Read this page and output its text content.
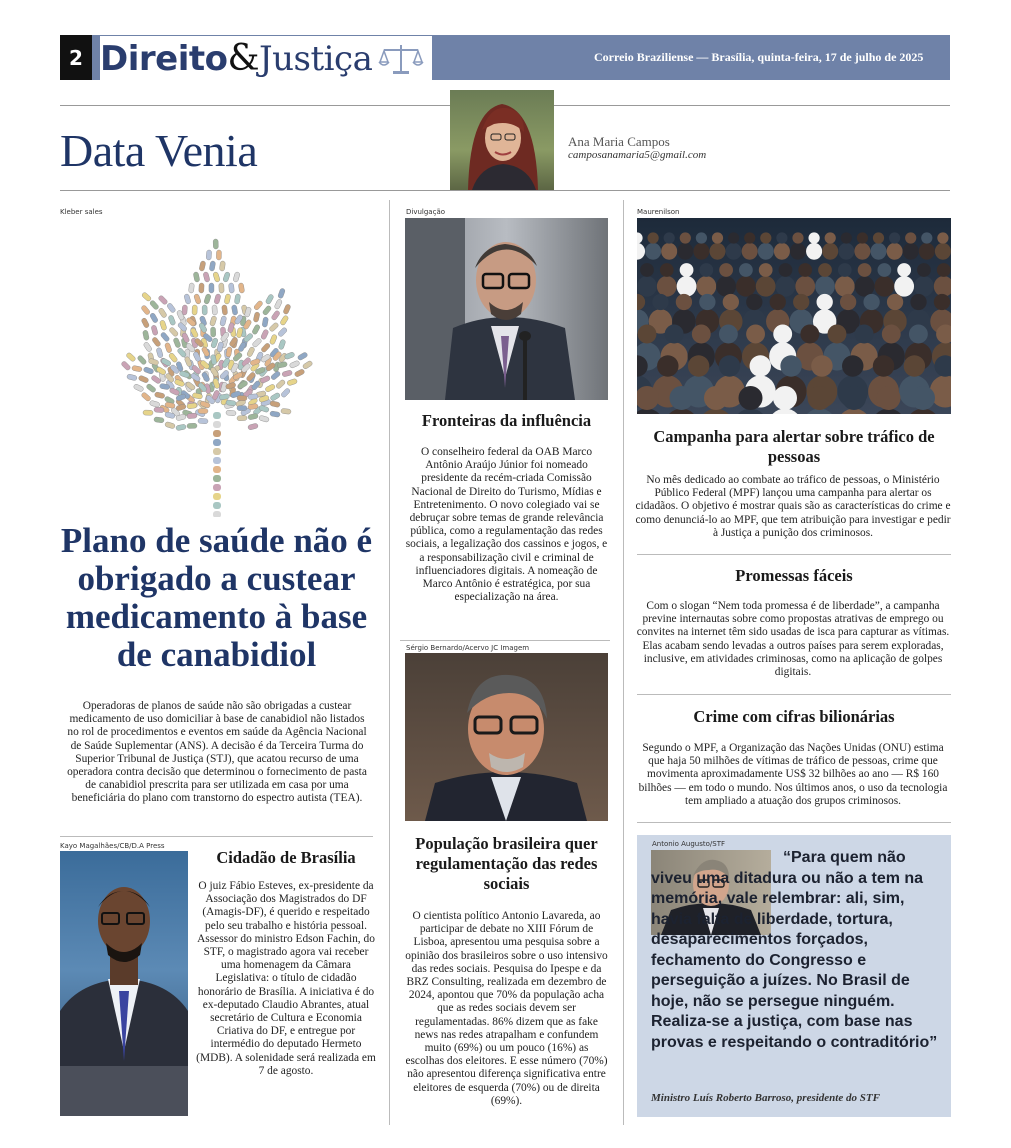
2 Direito & Justiça	Correio Braziliense — Brasília, quinta-feira, 17 de julho de 2025
Data Venia	Ana Maria Campos
camposanamaria5@gmail.com
Kleber sales
Plano de saúde não é obrigado a custear medicamento à base de canabidiol
Operadoras de planos de saúde não são obrigadas a custear medicamento de uso domiciliar à base de canabidiol não listados no rol de procedimentos e eventos em saúde da Agência Nacional de Saúde Suplementar (ANS). A decisão é da Terceira Turma do Superior Tribunal de Justiça (STJ), que acatou recurso de uma operadora contra decisão que determinou o fornecimento de pasta de canabidiol prescrita para ser utilizada em casa por uma beneficiária do plano com transtorno do espectro autista (TEA).
Kayo Magalhães/CB/D.A Press
Cidadão de Brasília
O juiz Fábio Esteves, ex-presidente da Associação dos Magistrados do DF (Amagis-DF), é querido e respeitado pelo seu trabalho e história pessoal. Assessor do ministro Edson Fachin, do STF, o magistrado agora vai receber uma homenagem da Câmara Legislativa: o título de cidadão honorário de Brasília. A iniciativa é do ex-deputado Claudio Abrantes, atual secretário de Cultura e Economia Criativa do DF, e entregue por intermédio do deputado Hermeto (MDB). A solenidade será realizada em 7 de agosto.
Divulgação
Fronteiras da influência
O conselheiro federal da OAB Marco Antônio Araújo Júnior foi nomeado presidente da recém-criada Comissão Nacional de Direito do Turismo, Mídias e Entretenimento. O novo colegiado vai se debruçar sobre temas de grande relevância pública, como a regulamentação das redes sociais, a legalização dos cassinos e jogos, e a responsabilização civil e criminal de influenciadores digitais. A nomeação de Marco Antônio é estratégica, por sua especialização na área.
Sérgio Bernardo/Acervo JC Imagem
População brasileira quer regulamentação das redes sociais
O cientista político Antonio Lavareda, ao participar de debate no XIII Fórum de Lisboa, apresentou uma pesquisa sobre a opinião dos brasileiros sobre o uso intensivo das redes sociais. Pesquisa do Ipespe e da BRZ Consulting, realizada em dezembro de 2024, apontou que 70% da população acha que as redes sociais devem ser regulamentadas. 86% dizem que as fake news nas redes atrapalham e confundem muito (69%) ou um pouco (16%) as escolhas dos eleitores. E esse número (70%) não apresentou diferença significativa entre eleitores de esquerda (70%) ou de direita (69%).
Maurenilson
Campanha para alertar sobre tráfico de pessoas
No mês dedicado ao combate ao tráfico de pessoas, o Ministério Público Federal (MPF) lançou uma campanha para alertar os cidadãos. O objetivo é mostrar quais são as características do crime e como denunciá-lo ao MPF, que tem atribuição para investigar e pedir à Justiça a punição dos criminosos.
Promessas fáceis
Com o slogan “Nem toda promessa é de liberdade”, a campanha previne internautas sobre como propostas atrativas de emprego ou convites na internet têm sido usadas de isca para capturar as vítimas. Elas acabam sendo levadas a outros países para serem exploradas, inclusive, em atividades criminosas, como na aplicação de golpes digitais.
Crime com cifras bilionárias
Segundo o MPF, a Organização das Nações Unidas (ONU) estima que haja 50 milhões de vítimas de tráfico de pessoas, crime que movimenta aproximadamente US$ 32 bilhões ao ano — R$ 160 bilhões — em todo o mundo. Nos últimos anos, o uso da tecnologia tem ampliado a atuação dos grupos criminosos.
Antonio Augusto/STF
“Para quem não viveu uma ditadura ou não a tem na memória, vale relembrar: ali, sim, havia falta de liberdade, tortura, desaparecimentos forçados, fechamento do Congresso e perseguição a juízes. No Brasil de hoje, não se persegue ninguém. Realiza-se a justiça, com base nas provas e respeitando o contraditório”
Ministro Luís Roberto Barroso, presidente do STF
